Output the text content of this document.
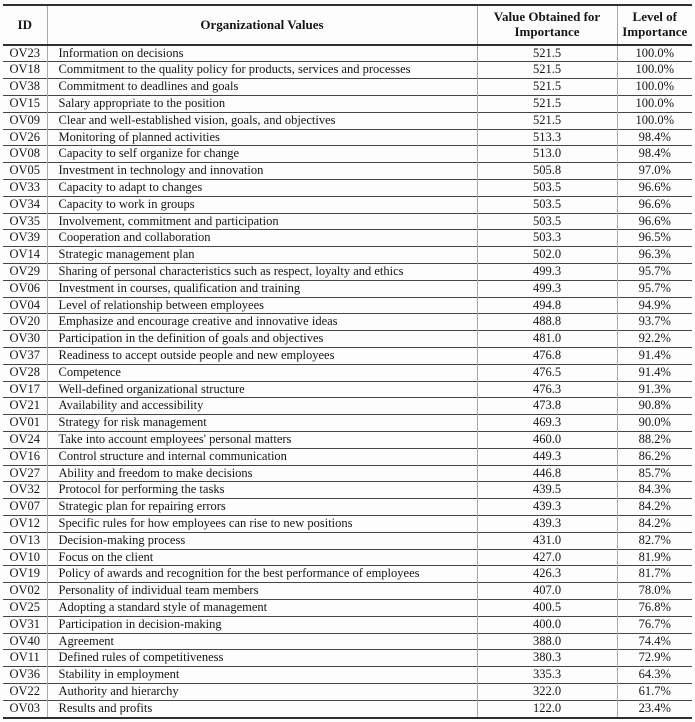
ID	Organizational Values	Value Obtained for Importance	Level of Importance
OV23	Information on decisions	521.5	100.0%
OV18	Commitment to the quality policy for products, services and processes	521.5	100.0%
OV38	Commitment to deadlines and goals	521.5	100.0%
OV15	Salary appropriate to the position	521.5	100.0%
OV09	Clear and well-established vision, goals, and objectives	521.5	100.0%
OV26	Monitoring of planned activities	513.3	98.4%
OV08	Capacity to self organize for change	513.0	98.4%
OV05	Investment in technology and innovation	505.8	97.0%
OV33	Capacity to adapt to changes	503.5	96.6%
OV34	Capacity to work in groups	503.5	96.6%
OV35	Involvement, commitment and participation	503.5	96.6%
OV39	Cooperation and collaboration	503.3	96.5%
OV14	Strategic management plan	502.0	96.3%
OV29	Sharing of personal characteristics such as respect, loyalty and ethics	499.3	95.7%
OV06	Investment in courses, qualification and training	499.3	95.7%
OV04	Level of relationship between employees	494.8	94.9%
OV20	Emphasize and encourage creative and innovative ideas	488.8	93.7%
OV30	Participation in the definition of goals and objectives	481.0	92.2%
OV37	Readiness to accept outside people and new employees	476.8	91.4%
OV28	Competence	476.5	91.4%
OV17	Well-defined organizational structure	476.3	91.3%
OV21	Availability and accessibility	473.8	90.8%
OV01	Strategy for risk management	469.3	90.0%
OV24	Take into account employees' personal matters	460.0	88.2%
OV16	Control structure and internal communication	449.3	86.2%
OV27	Ability and freedom to make decisions	446.8	85.7%
OV32	Protocol for performing the tasks	439.5	84.3%
OV07	Strategic plan for repairing errors	439.3	84.2%
OV12	Specific rules for how employees can rise to new positions	439.3	84.2%
OV13	Decision-making process	431.0	82.7%
OV10	Focus on the client	427.0	81.9%
OV19	Policy of awards and recognition for the best performance of employees	426.3	81.7%
OV02	Personality of individual team members	407.0	78.0%
OV25	Adopting a standard style of management	400.5	76.8%
OV31	Participation in decision-making	400.0	76.7%
OV40	Agreement	388.0	74.4%
OV11	Defined rules of competitiveness	380.3	72.9%
OV36	Stability in employment	335.3	64.3%
OV22	Authority and hierarchy	322.0	61.7%
OV03	Results and profits	122.0	23.4%
